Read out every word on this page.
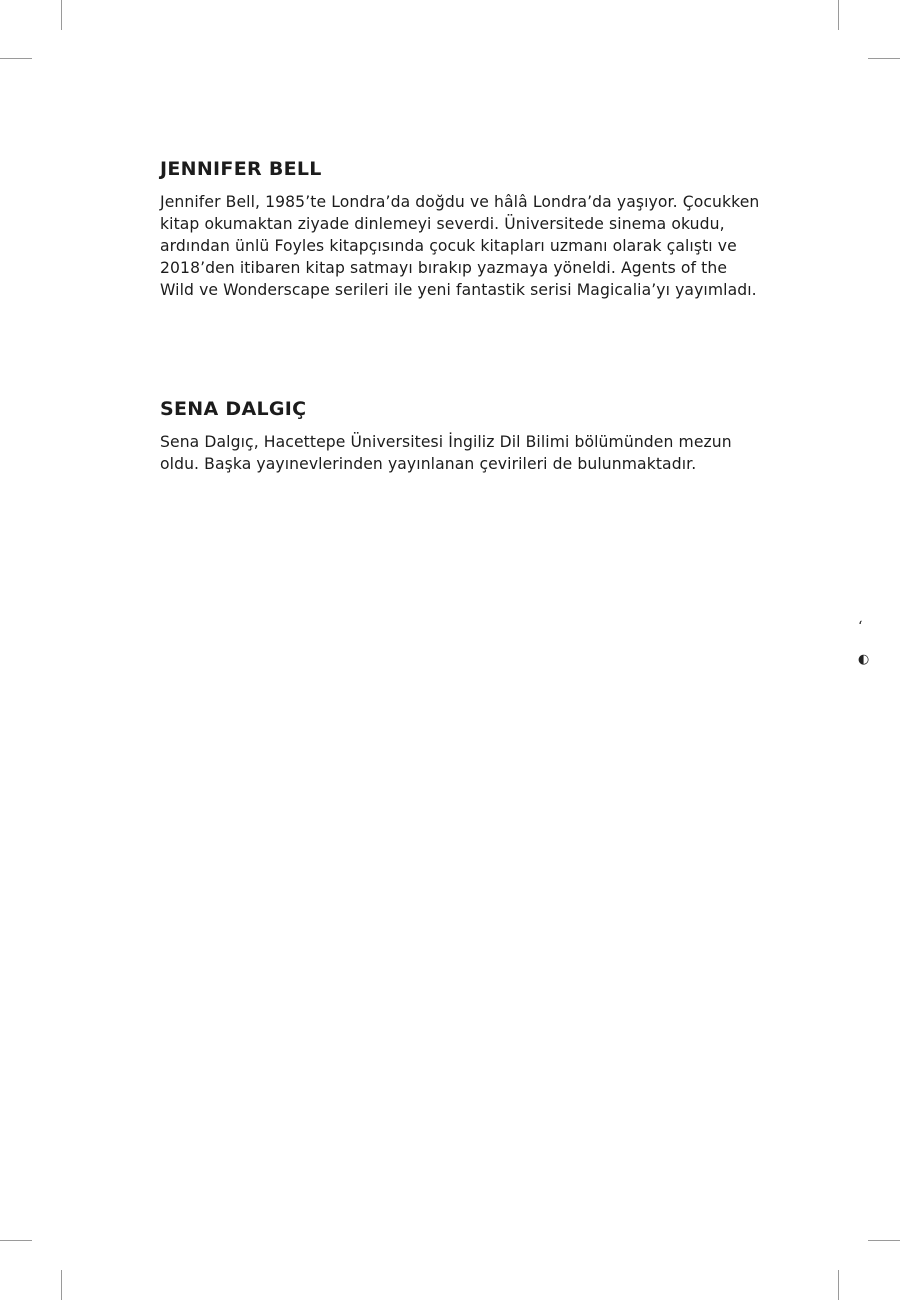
JENNIFER BELL

Jennifer Bell, 1985’te Londra’da doğdu ve hâlâ Londra’da yaşıyor. Çocukken kitap okumaktan ziyade dinlemeyi severdi. Üniversitede sinema okudu, ardından ünlü Foyles kitapçısında çocuk kitapları uzmanı olarak çalıştı ve 2018’den itibaren kitap satmayı bırakıp yazmaya yöneldi. Agents of the Wild ve Wonderscape serileri ile yeni fantastik serisi Magicalia’yı yayımladı.

SENA DALGIÇ

Sena Dalgıç, Hacettepe Üniversitesi İngiliz Dil Bilimi bölümünden mezun oldu. Başka yayınevlerinden yayınlanan çevirileri de bulunmaktadır.

‘
◐
